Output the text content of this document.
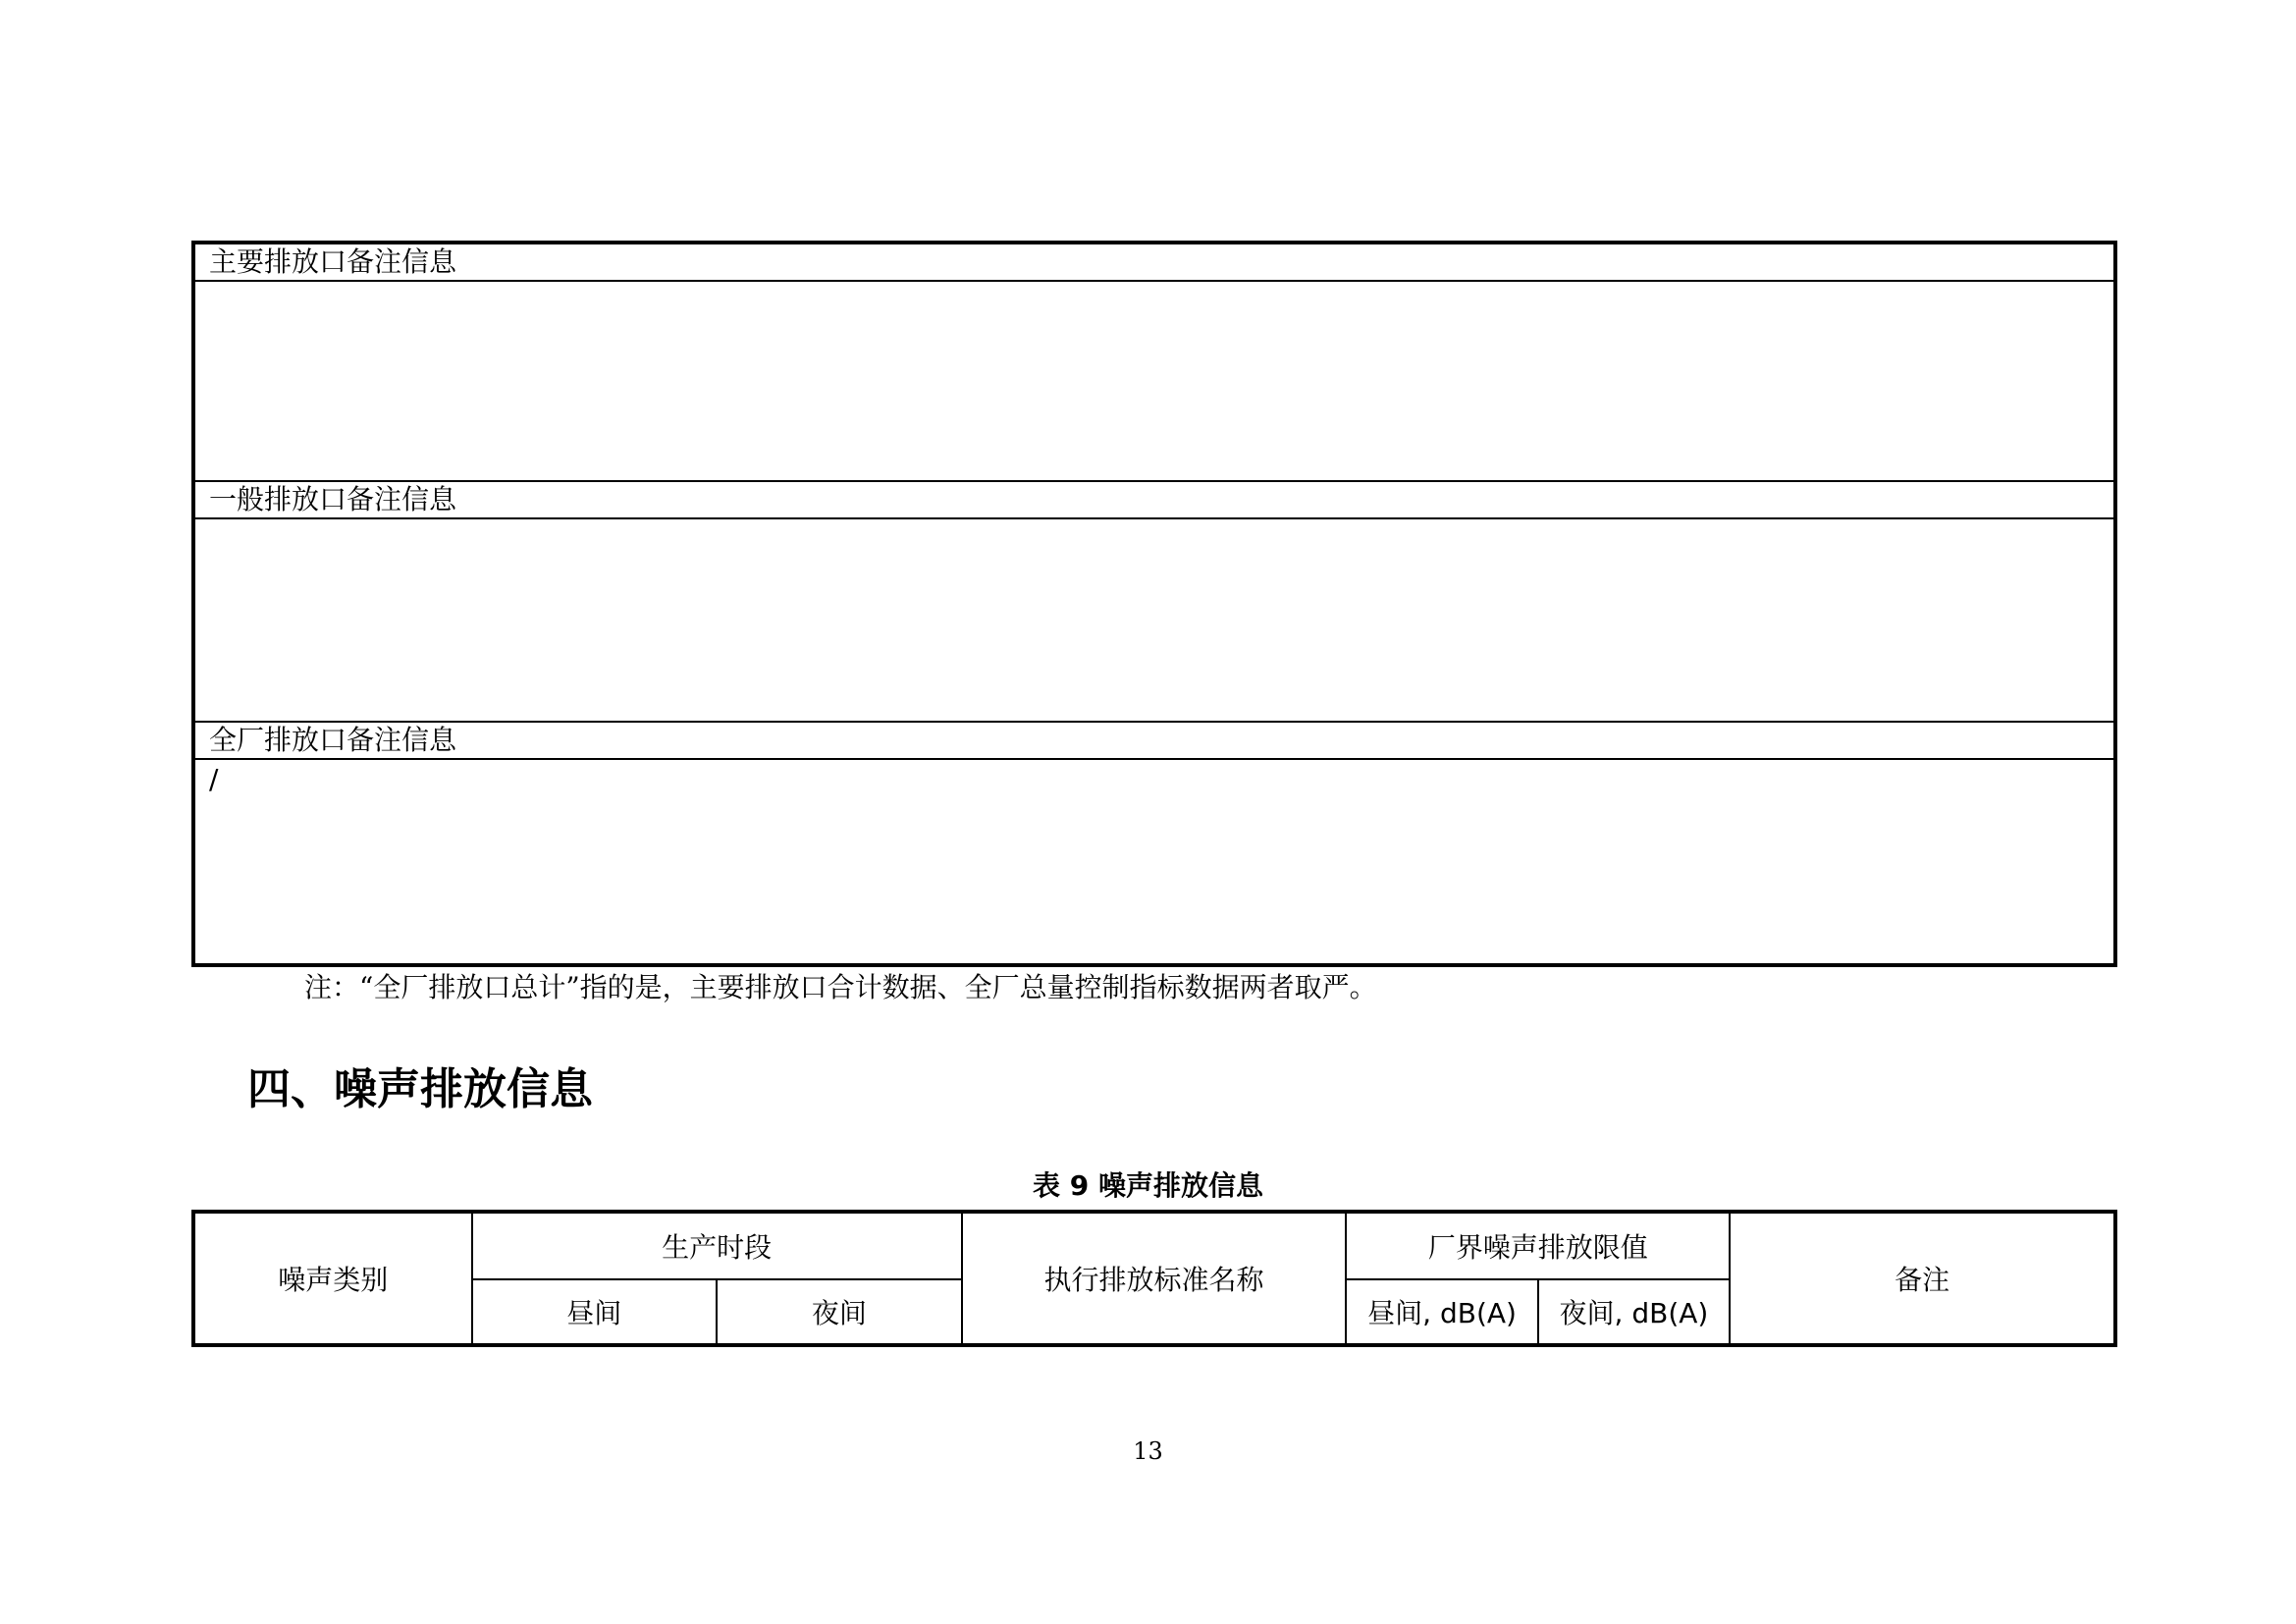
主要排放口备注信息
一般排放口备注信息
全厂排放口备注信息
/
注：“全厂排放口总计”指的是，主要排放口合计数据、全厂总量控制指标数据两者取严。
四、噪声排放信息
表 9 噪声排放信息
噪声类别	生产时段		执行排放标准名称	厂界噪声排放限值		备注
	昼间	夜间		昼间, dB(A)	夜间, dB(A)	
13
